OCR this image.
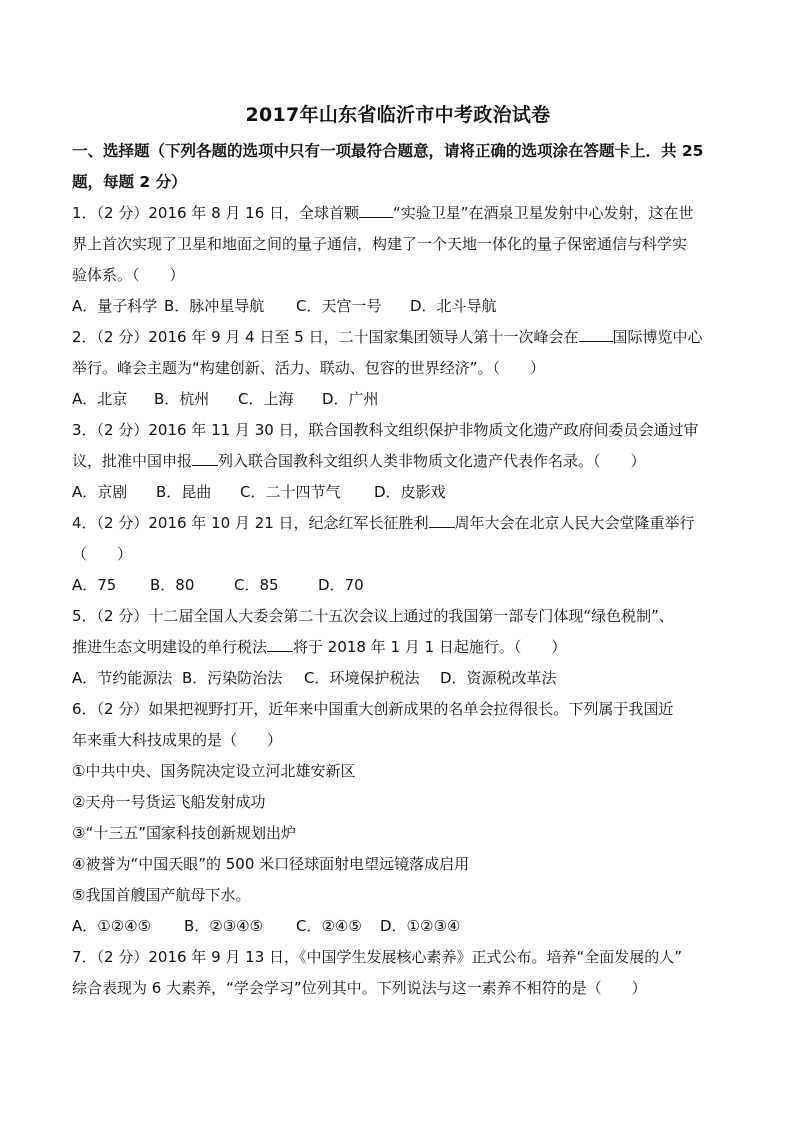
2017年山东省临沂市中考政治试卷

一、选择题（下列各题的选项中只有一项最符合题意，请将正确的选项涂在答题卡上．共 25
题，每题 2 分）

1．（2 分）2016 年 8 月 16 日，全球首颗 “实验卫星”在酒泉卫星发射中心发射，这在世
界上首次实现了卫星和地面之间的量子通信，构建了一个天地一体化的量子保密通信与科学实
验体系。（　　）

A．量子科学 B．脉冲星导航 C．天宫一号 D．北斗导航

2．（2 分）2016 年 9 月 4 日至 5 日，二十国家集团领导人第十一次峰会在 国际博览中心
举行。峰会主题为“构建创新、活力、联动、包容的世界经济”。（　　）

A．北京 B．杭州 C．上海 D．广州

3．（2 分）2016 年 11 月 30 日，联合国教科文组织保护非物质文化遗产政府间委员会通过审
议，批准中国申报 列入联合国教科文组织人类非物质文化遗产代表作名录。（　　）

A．京剧 B．昆曲 C．二十四节气 D．皮影戏

4．（2 分）2016 年 10 月 21 日，纪念红军长征胜利 周年大会在北京人民大会堂隆重举行
（　　）

A．75 B．80	C．85	D．70

5．（2 分）十二届全国人大委会第二十五次会议上通过的我国第一部专门体现“绿色税制”、
推进生态文明建设的单行税法 将于 2018 年 1 月 1 日起施行。（　　）

A．节约能源法 B．污染防治法 C．环境保护税法 D．资源税改革法

6．（2 分）如果把视野打开，近年来中国重大创新成果的名单会拉得很长。下列属于我国近
年来重大科技成果的是（　　）

①中共中央、国务院决定设立河北雄安新区

②天舟一号货运飞船发射成功

③“十三五”国家科技创新规划出炉

④被誉为“中国天眼”的 500 米口径球面射电望远镜落成启用

⑤我国首艘国产航母下水。

A．①②④⑤ B．②③④⑤ C．②④⑤ D．①②③④

7．（2 分）2016 年 9 月 13 日，《中国学生发展核心素养》正式公布。培养“全面发展的人”
综合表现为 6 大素养，“学会学习”位列其中。下列说法与这一素养不相符的是（　　）
